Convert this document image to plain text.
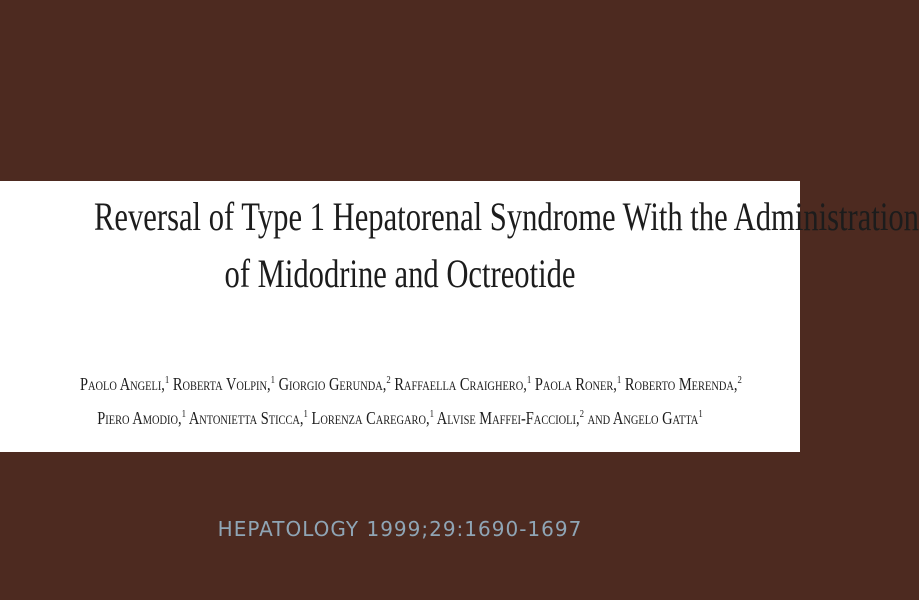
Reversal of Type 1 Hepatorenal Syndrome With the Administration
of Midodrine and Octreotide
Paolo Angeli,$^1$ Roberta Volpin,$^1$ Giorgio Gerunda,$^2$ Raffaella Craighero,$^1$ Paola Roner,$^1$ Roberto Merenda,$^2$
Piero Amodio,$^1$ Antonietta Sticca,$^1$ Lorenza Caregaro,$^1$ Alvise Maffei-Faccioli,$^2$ and Angelo Gatta$^1$

HEPATOLOGY 1999;29:1690-1697
